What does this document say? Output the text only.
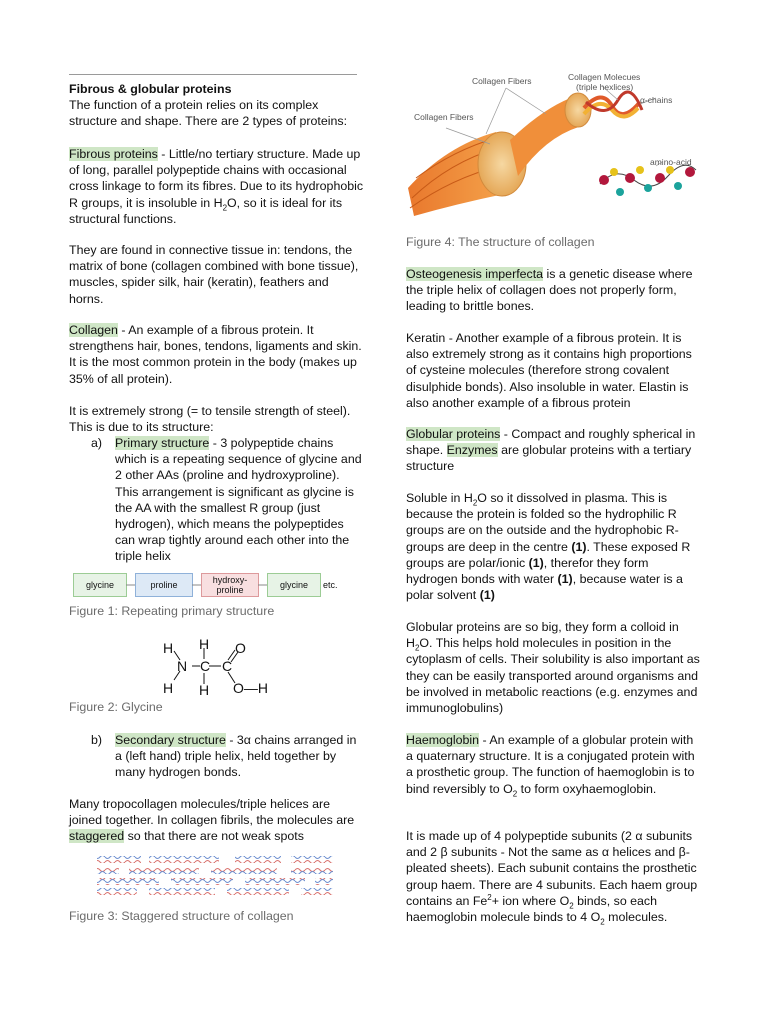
Fibrous & globular proteins

The function of a protein relies on its complex structure and shape. There are 2 types of proteins:

Fibrous proteins - Little/no tertiary structure. Made up of long, parallel polypeptide chains with occasional cross linkage to form its fibres. Due to its hydrophobic R groups, it is insoluble in $H_2O$, so it is ideal for its structural functions.

They are found in connective tissue in: tendons, the matrix of bone (collagen combined with bone tissue), muscles, spider silk, hair (keratin), feathers and horns.

Collagen - An example of a fibrous protein. It strengthens hair, bones, tendons, ligaments and skin. It is the most common protein in the body (makes up 35% of all protein).

It is extremely strong (= to tensile strength of steel). This is due to its structure:

a) Primary structure - 3 polypeptide chains which is a repeating sequence of glycine and 2 other AAs (proline and hydroxyproline). This arrangement is significant as glycine is the AA with the smallest R group (just hydrogen), which means the polypeptides can wrap tightly around each other into the triple helix

glycine	proline	hydroxy-proline	glycine	etc.

Figure 1: Repeating primary structure

H H
N C C
O
H H O—H

Figure 2: Glycine

b) Secondary structure - 3α chains arranged in a (left hand) triple helix, held together by many hydrogen bonds.

Many tropocollagen molecules/triple helices are joined together. In collagen fibrils, the molecules are staggered so that there are not weak spots

Figure 3: Staggered structure of collagen

Collagen Fibers	Collagen Molecues
(triple hexlices)
Collagen Fibers
α-chains
amino-acid

Figure 4: The structure of collagen

Osteogenesis imperfecta is a genetic disease where the triple helix of collagen does not properly form, leading to brittle bones.

Keratin - Another example of a fibrous protein. It is also extremely strong as it contains high proportions of cysteine molecules (therefore strong covalent disulphide bonds). Also insoluble in water. Elastin is also another example of a fibrous protein

Globular proteins - Compact and roughly spherical in shape. Enzymes are globular proteins with a tertiary structure

Soluble in $H_2O$ so it dissolved in plasma. This is because the protein is folded so the hydrophilic R groups are on the outside and the hydrophobic R-groups are deep in the centre (1). These exposed R groups are polar/ionic (1), therefor they form hydrogen bonds with water (1), because water is a polar solvent (1)

Globular proteins are so big, they form a colloid in $H_2O$. This helps hold molecules in position in the cytoplasm of cells. Their solubility is also important as they can be easily transported around organisms and be involved in metabolic reactions (e.g. enzymes and immunoglobulins)

Haemoglobin - An example of a globular protein with a quaternary structure. It is a conjugated protein with a prosthetic group. The function of haemoglobin is to bind reversibly to $O_2$ to form oxyhaemoglobin.

It is made up of 4 polypeptide subunits (2 α subunits and 2 β subunits - Not the same as α helices and β-pleated sheets). Each subunit contains the prosthetic group haem. There are 4 subunits. Each haem group contains an $Fe^2+$ ion where $O_2$ binds, so each haemoglobin molecule binds to 4 $O_2$ molecules.
